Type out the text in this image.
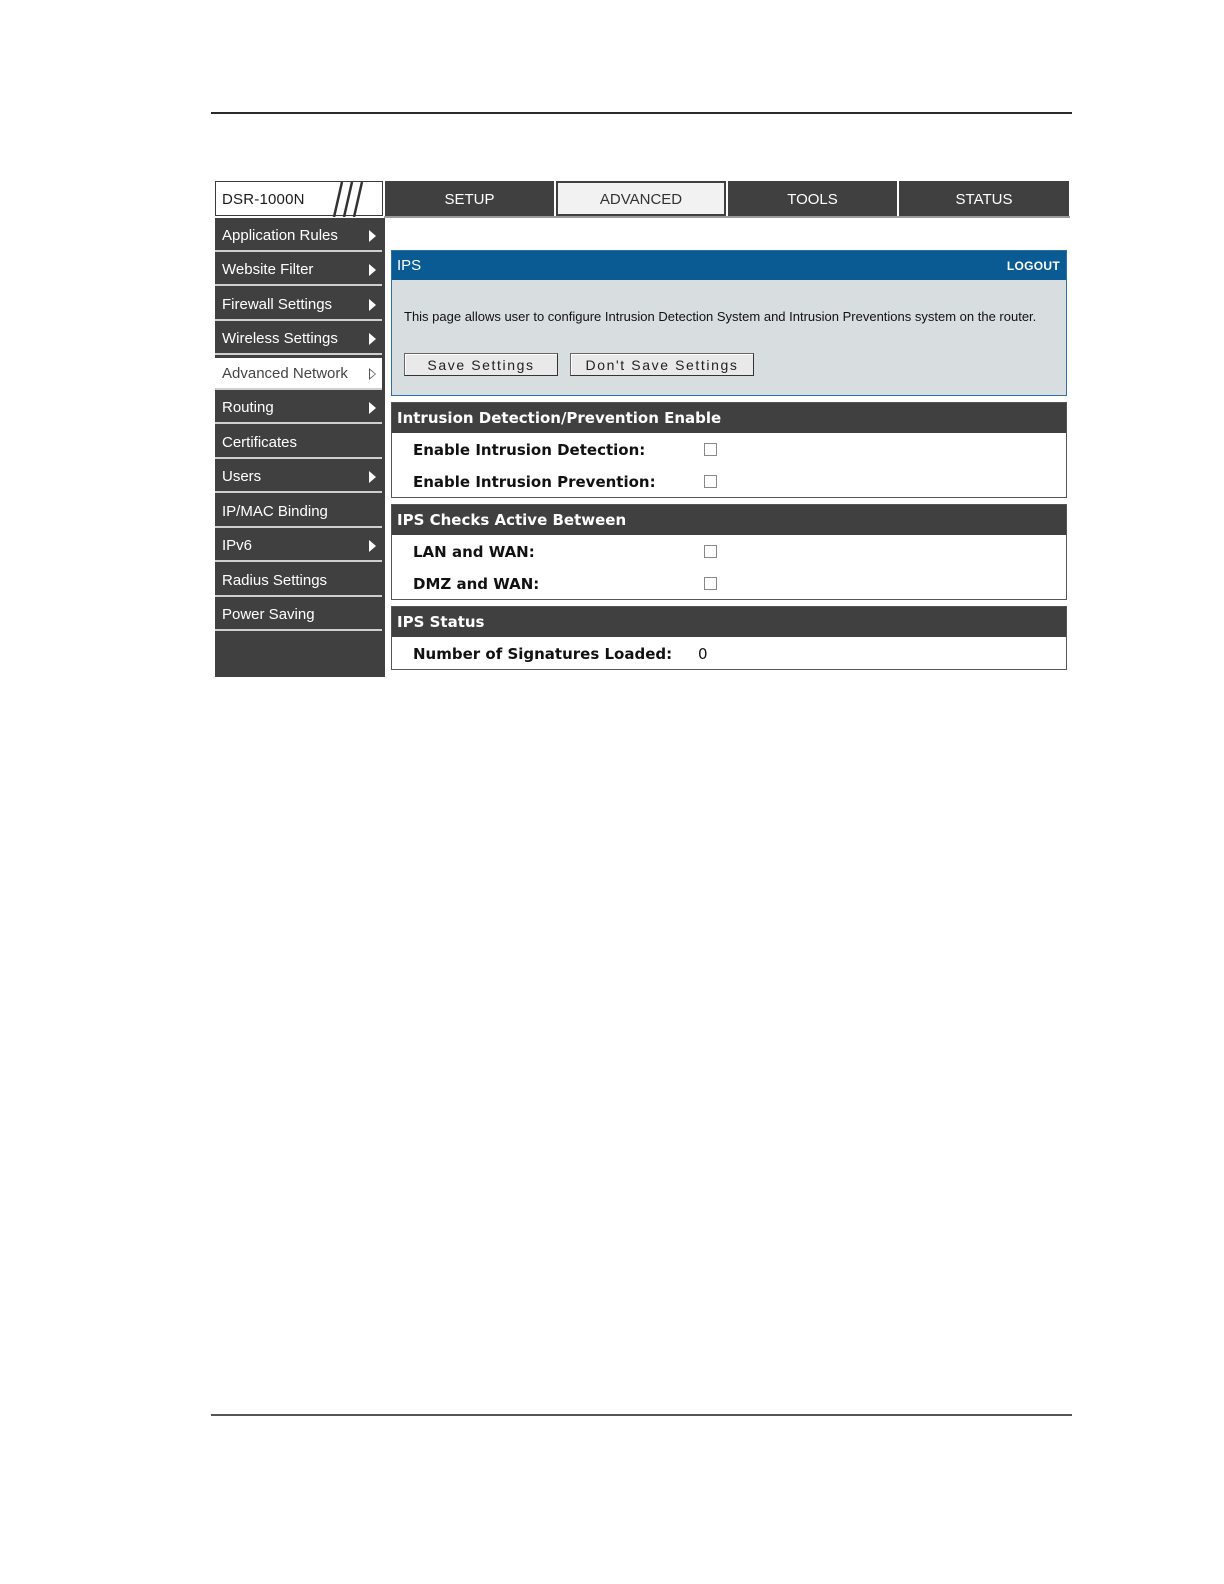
DSR-1000N	SETUP	ADVANCED	TOOLS	STATUS
Application Rules
Website Filter
Firewall Settings
Wireless Settings
Advanced Network
Routing
Certificates
Users
IP/MAC Binding
IPv6
Radius Settings
Power Saving
IPS	LOGOUT
This page allows user to configure Intrusion Detection System and Intrusion Preventions system on the router.
Save Settings	Don't Save Settings
Intrusion Detection/Prevention Enable
Enable Intrusion Detection:
Enable Intrusion Prevention:
IPS Checks Active Between
LAN and WAN:
DMZ and WAN:
IPS Status
Number of Signatures Loaded: 0
